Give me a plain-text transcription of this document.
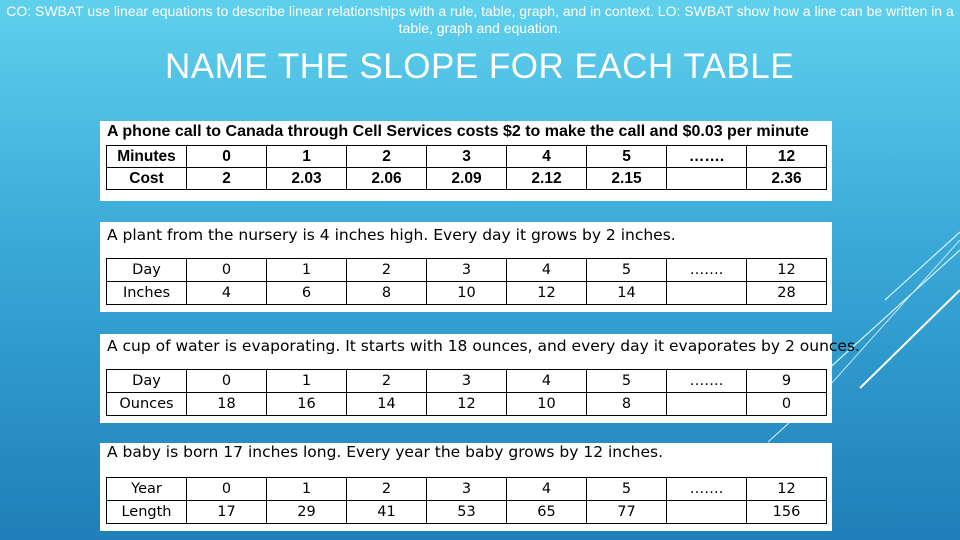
CO: SWBAT use linear equations to describe linear relationships with a rule, table, graph, and in context. LO: SWBAT show how a line can be written in a table, graph and equation.
NAME THE SLOPE FOR EACH TABLE
A phone call to Canada through Cell Services costs $2 to make the call and $0.03 per minute
Minutes	0	1	2	3	4	5	…….	12
Cost	2	2.03	2.06	2.09	2.12	2.15		2.36
A plant from the nursery is 4 inches high. Every day it grows by 2 inches.
Day	0	1	2	3	4	5	…….	12
Inches	4	6	8	10	12	14		28
A cup of water is evaporating. It starts with 18 ounces, and every day it evaporates by 2 ounces.
Day	0	1	2	3	4	5	…….	9
Ounces	18	16	14	12	10	8		0
A baby is born 17 inches long. Every year the baby grows by 12 inches.
Year	0	1	2	3	4	5	…….	12
Length	17	29	41	53	65	77		156
